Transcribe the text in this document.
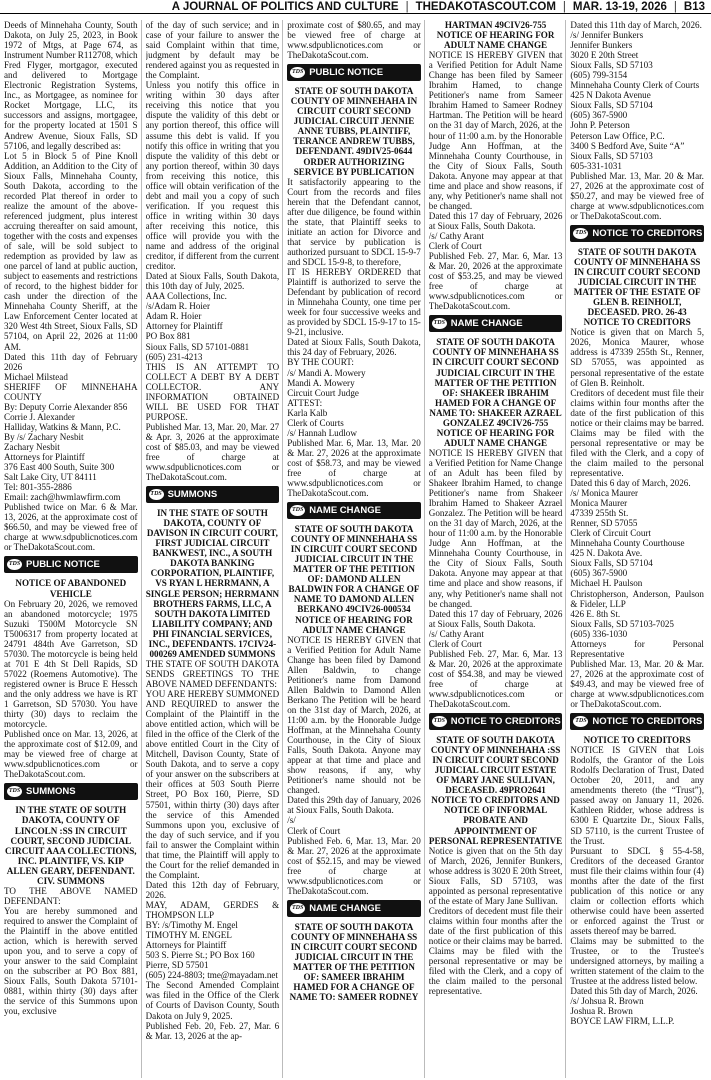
A JOURNAL OF POLITICS AND CULTURE | THEDAKOTASCOUT.COM | MAR. 13-19, 2026 | B13

Deeds of Minnehaha County, South Dakota, on July 25, 2023, in Book 1972 of Mtgs, at Page 674, as Instrument Number R112708, which Fred Flyger, mortgagor, executed and delivered to Mortgage Electronic Registration Systems, Inc., as Mortgagee, as nominee for Rocket Mortgage, LLC, its successors and assigns, mortgagee, for the property located at 1501 S Andrew Avenue, Sioux Falls, SD 57106, and legally described as:

Lot 5 in Block 5 of Pine Knoll Addition, an Addition to the City of Sioux Falls, Minnehaha County, South Dakota, according to the recorded Plat thereof in order to realize the amount of the above-referenced judgment, plus interest accruing thereafter on said amount, together with the costs and expenses of sale, will be sold subject to redemption as provided by law as one parcel of land at public auction, subject to easements and restrictions of record, to the highest bidder for cash under the direction of the Minnehaha County Sheriff, at the Law Enforcement Center located at 320 West 4th Street, Sioux Falls, SD 57104, on April 22, 2026 at 11:00 AM.

Dated this 11th day of February 2026

Michael Milstead

SHERIFF OF MINNEHAHA COUNTY

By: Deputy Corrie Alexander 856

Corrie J. Alexander

Halliday, Watkins & Mann, P.C.

By /s/ Zachary Nesbit

Zachary Nesbit

Attorneys for Plaintiff

376 East 400 South, Suite 300

Salt Lake City, UT 84111

Tel: 801-355-2886

Email: zach@hwmlawfirm.com

Published twice on Mar. 6 & Mar. 13, 2026, at the approximate cost of $66.50, and may be viewed free of charge at www.sdpublicnotices.com or TheDakotaScout.com.

TDS PUBLIC NOTICE

NOTICE OF ABANDONED VEHICLE

On February 20, 2026, we removed an abandoned motorcycle; 1975 Suzuki T500M Motorcycle SN T5006317 from property located at 24791 484th Ave Garretson, SD 57030. The motorcycle is being held at 701 E 4th St Dell Rapids, SD 57022 (Roemens Automotive). The registered owner is Bruce E Hessch and the only address we have is RT 1 Garretson, SD 57030. You have thirty (30) days to reclaim the motorcycle.

Published once on Mar. 13, 2026, at the approximate cost of $12.09, and may be viewed free of charge at www.sdpublicnotices.com or TheDakotaScout.com.

TDS SUMMONS

IN THE STATE OF SOUTH DAKOTA, COUNTY OF LINCOLN :SS IN CIRCUIT COURT, SECOND JUDICIAL CIRCUIT AAA COLLECTIONS, INC. PLAINTIFF, VS. KIP ALLEN GEARY, DEFENDANT. CIV. SUMMONS

TO THE ABOVE NAMED DEFENDANT:

You are hereby summoned and required to answer the Complaint of the Plaintiff in the above entitled action, which is herewith served upon you, and to serve a copy of your answer to the said Complaint on the subscriber at PO Box 881, Sioux Falls, South Dakota 57101-0881, within thirty (30) days after the service of this Summons upon you, exclusive

of the day of such service; and in case of your failure to answer the said Complaint within that time, judgment by default may be rendered against you as requested in the Complaint.

Unless you notify this office in writing within 30 days after receiving this notice that you dispute the validity of this debt or any portion thereof, this office will assume this debt is valid. If you notify this office in writing that you dispute the validity of this debt or any portion thereof, within 30 days from receiving this notice, this office will obtain verification of the debt and mail you a copy of such verification. If you request this office in writing within 30 days after receiving this notice, this office will provide you with the name and address of the original creditor, if different from the current creditor.

Dated at Sioux Falls, South Dakota, this 10th day of July, 2025.

AAA Collections, Inc.

/s/Adam R. Hoier

Adam R. Hoier

Attorney for Plaintiff

PO Box 881

Sioux Falls, SD 57101-0881

(605) 231-4213

THIS IS AN ATTEMPT TO COLLECT A DEBT BY A DEBT COLLECTOR. ANY INFORMATION OBTAINED WILL BE USED FOR THAT PURPOSE.

Published Mar. 13, Mar. 20, Mar. 27 & Apr. 3, 2026 at the approximate cost of $85.03, and may be viewed free of charge at www.sdpublicnotices.com or TheDakotaScout.com.

TDS SUMMONS

IN THE STATE OF SOUTH DAKOTA, COUNTY OF DAVISON IN CIRCUIT COURT, FIRST JUDICIAL CIRCUIT BANKWEST, INC., A SOUTH DAKOTA BANKING CORPORATION, PLAINTIFF, VS RYAN L HERRMANN, A SINGLE PERSON; HERRMANN BROTHERS FARMS, LLC, A SOUTH DAKOTA LIMITED LIABILITY COMPANY; AND PHI FINANCIAL SERVICES, INC., DEFENDANTS. 17CIV24-000269 AMENDED SUMMONS

THE STATE OF SOUTH DAKOTA SENDS GREETINGS TO THE ABOVE NAMED DEFENDANTS:

YOU ARE HEREBY SUMMONED AND REQUIRED to answer the Complaint of the Plaintiff in the above entitled action, which will be filed in the office of the Clerk of the above entitled Court in the City of Mitchell, Davison County, State of South Dakota, and to serve a copy of your answer on the subscribers at their offices at 503 South Pierre Street, PO Box 160, Pierre, SD 57501, within thirty (30) days after the service of this Amended Summons upon you, exclusive of the day of such service, and if you fail to answer the Complaint within that time, the Plaintiff will apply to the Court for the relief demanded in the Complaint.

Dated this 12th day of February, 2026.

MAY, ADAM, GERDES & THOMPSON LLP

BY: /s/Timothy M. Engel

TIMOTHY M. ENGEL

Attorneys for Plaintiff

503 S. Pierre St.; PO Box 160

Pierre, SD 57501

(605) 224-8803; tme@mayadam.net

The Second Amended Complaint was filed in the Office of the Clerk of Courts of Davison County, South Dakota on July 9, 2025.

Published Feb. 20, Feb. 27, Mar. 6 & Mar. 13, 2026 at the ap-

proximate cost of $80.65, and may be viewed free of charge at www.sdpublicnotices.com or TheDakotaScout.com.

TDS PUBLIC NOTICE

STATE OF SOUTH DAKOTA COUNTY OF MINNEHAHA IN CIRCUIT COURT SECOND JUDICIAL CIRCUIT JENNIE ANNE TUBBS, PLAINTIFF, TERANCE ANDREW TUBBS, DEFENDANT. 49DIV25-0644 ORDER AUTHORIZING SERVICE BY PUBLICATION

It satisfactorily appearing to the Court from the records and files herein that the Defendant cannot, after due diligence, be found within the state, that Plaintiff seeks to initiate an action for Divorce and that service by publication is authorized pursuant to SDCL 15-9-7 and SDCL 15-9-8, to therefore,

IT IS HEREBY ORDERED that Plaintiff is authorized to serve the Defendant by publication of record in Minnehaha County, one time per week for four successive weeks and as provided by SDCL 15-9-17 to 15-9-21, inclusive.

Dated at Sioux Falls, South Dakota, this 24 day of February, 2026.

BY THE COURT:

/s/ Mandi A. Mowery

Mandi A. Mowery

Circuit Court Judge

ATTEST:

Karla Kalb

Clerk of Courts

/s/ Hannah Ludlow

Published Mar. 6, Mar. 13, Mar. 20 & Mar. 27, 2026 at the approximate cost of $58.73, and may be viewed free of charge at www.sdpublicnotices.com or TheDakotaScout.com.

TDS NAME CHANGE

STATE OF SOUTH DAKOTA COUNTY OF MINNEHAHA SS IN CIRCUIT COURT SECOND JUDICIAL CIRCUIT IN THE MATTER OF THE PETITION OF: DAMOND ALLEN BALDWIN FOR A CHANGE OF NAME TO DAMOND ALLEN BERKANO 49CIV26-000534 NOTICE OF HEARING FOR ADULT NAME CHANGE

NOTICE IS HEREBY GIVEN that a Verified Petition for Adult Name Change has been filed by Damond Allen Baldwin, to change Petitioner's name from Damond Allen Baldwin to Damond Allen Berkano The Petition will be heard on the 31st day of March, 2026, at 11:00 a.m. by the Honorable Judge Hoffman, at the Minnehaha County Courthouse, in the City of Sioux Falls, South Dakota. Anyone may appear at that time and place and show reasons, if any, why Petitioner's name should not be changed.

Dated this 29th day of January, 2026 at Sioux Falls, South Dakota.

/s/

Clerk of Court

Published Feb. 6, Mar. 13, Mar. 20 & Mar. 27, 2026 at the approximate cost of $52.15, and may be viewed free of charge at www.sdpublicnotices.com or TheDakotaScout.com.

TDS NAME CHANGE

STATE OF SOUTH DAKOTA COUNTY OF MINNEHAHA SS IN CIRCUIT COURT SECOND JUDICIAL CIRCUIT IN THE MATTER OF THE PETITION OF: SAMEER IBRAHIM HAMED FOR A CHANGE OF NAME TO: SAMEER RODNEY

HARTMAN 49CIV26-755 NOTICE OF HEARING FOR ADULT NAME CHANGE

NOTICE IS HEREBY GIVEN that a Verified Petition for Adult Name Change has been filed by Sameer Ibrahim Hamed, to change Petitioner's name from Sameer Ibrahim Hamed to Sameer Rodney Hartman. The Petition will be heard on the 31 day of March, 2026, at the hour of 11:00 a.m. by the Honorable Judge Ann Hoffman, at the Minnehaha County Courthouse, in the City of Sioux Falls, South Dakota. Anyone may appear at that time and place and show reasons, if any, why Petitioner's name shall not be changed.

Dated this 17 day of February, 2026 at Sioux Falls, South Dakota.

/s/ Cathy Arant

Clerk of Court

Published Feb. 27, Mar. 6, Mar. 13 & Mar. 20, 2026 at the approximate cost of $53.25, and may be viewed free of charge at www.sdpublicnotices.com or TheDakotaScout.com.

TDS NAME CHANGE

STATE OF SOUTH DAKOTA COUNTY OF MINNEHAHA SS IN CIRCUIT COURT SECOND JUDICIAL CIRCUIT IN THE MATTER OF THE PETITION OF: SHAKEER IBRAHIM HAMED FOR A CHANGE OF NAME TO: SHAKEER AZRAEL GONZALEZ 49CIV26-755 NOTICE OF HEARING FOR ADULT NAME CHANGE

NOTICE IS HEREBY GIVEN that a Verified Petition for Name Change of an Adult has been filed by Shakeer Ibrahim Hamed, to change Petitioner's name from Shakeer Ibrahim Hamed to Shakeer Azrael Gonzalez. The Petition will be heard on the 31 day of March, 2026, at the hour of 11:00 a.m. by the Honorable Judge Ann Hoffman, at the Minnehaha County Courthouse, in the City of Sioux Falls, South Dakota. Anyone may appear at that time and place and show reasons, if any, why Petitioner's name shall not be changed.

Dated this 17 day of February, 2026 at Sioux Falls, South Dakota.

/s/ Cathy Arant

Clerk of Court

Published Feb. 27, Mar. 6, Mar. 13 & Mar. 20, 2026 at the approximate cost of $54.38, and may be viewed free of charge at www.sdpublicnotices.com or TheDakotaScout.com.

TDS NOTICE TO CREDITORS

STATE OF SOUTH DAKOTA COUNTY OF MINNEHAHA :SS IN CIRCUIT COURT SECOND JUDICIAL CIRCUIT ESTATE OF MARY JANE SULLIVAN, DECEASED. 49PRO2641 NOTICE TO CREDITORS AND NOTICE OF INFORMAL PROBATE AND APPOINTMENT OF PERSONAL REPRESENTATIVE

Notice is given that on the 5th day of March, 2026, Jennifer Bunkers, whose address is 3020 E 20th Street, Sioux Falls, SD 57103, was appointed as personal representative of the estate of Mary Jane Sullivan.

Creditors of decedent must file their claims within four months after the date of the first publication of this notice or their claims may be barred.

Claims may be filed with the personal representative or may be filed with the Clerk, and a copy of the claim mailed to the personal representative.

Dated this 11th day of March, 2026.

/s/ Jennifer Bunkers

Jennifer Bunkers

3020 E 20th Street

Sioux Falls, SD 57103

(605) 799-3154

Minnehaha County Clerk of Courts

425 N Dakota Avenue

Sioux Falls, SD 57104

(605) 367-5900

John P. Peterson

Peterson Law Office, P.C.

3400 S Bedford Ave, Suite “A”

Sioux Falls, SD 57103

605-331-1031

Published Mar. 13, Mar. 20 & Mar. 27, 2026 at the approximate cost of $50.27, and may be viewed free of charge at www.sdpublicnotices.com or TheDakotaScout.com.

TDS NOTICE TO CREDITORS

STATE OF SOUTH DAKOTA COUNTY OF MINNEHAHA SS IN CIRCUIT COURT SECOND JUDICIAL CIRCUIT IN THE MATTER OF THE ESTATE OF GLEN B. REINHOLT, DECEASED. PRO. 26-43 NOTICE TO CREDITORS

Notice is given that on March 5, 2026, Monica Maurer, whose address is 47339 255th St., Renner, SD 57055, was appointed as personal representative of the estate of Glen B. Reinholt.

Creditors of decedent must file their claims within four months after the date of the first publication of this notice or their claims may be barred.

Claims may be filed with the personal representative or may be filed with the Clerk, and a copy of the claim mailed to the personal representative.

Dated this 6 day of March, 2026.

/s/ Monica Maurer

Monica Maurer

47339 255th St.

Renner, SD 57055

Clerk of Circuit Court

Minnehaha County Courthouse

425 N. Dakota Ave.

Sioux Falls, SD 57104

(605) 367-5900

Michael H. Paulson

Christopherson, Anderson, Paulson & Fideler, LLP

426 E. 8th St.

Sioux Falls, SD 57103-7025

(605) 336-1030

Attorneys for Personal Representative

Published Mar. 13, Mar. 20 & Mar. 27, 2026 at the approximate cost of $49.43, and may be viewed free of charge at www.sdpublicnotices.com or TheDakotaScout.com.

TDS NOTICE TO CREDITORS

NOTICE TO CREDITORS

NOTICE IS GIVEN that Lois Rodolfs, the Grantor of the Lois Rodolfs Declaration of Trust, Dated October 20, 2011, and any amendments thereto (the “Trust”), passed away on January 11, 2026. Kathleen Ridder, whose address is 6300 E Quartzite Dr., Sioux Falls, SD 57110, is the current Trustee of the Trust.

Pursuant to SDCL § 55-4-58, Creditors of the deceased Grantor must file their claims within four (4) months after the date of the first publication of this notice or any claim or collection efforts which otherwise could have been asserted or enforced against the Trust or assets thereof may be barred.

Claims may be submitted to the Trustee, or to the Trustee's undersigned attorneys, by mailing a written statement of the claim to the Trustee at the address listed below.

Dated this 5th day of March, 2026.

/s/ Johsua R. Brown

Joshua R. Brown

BOYCE LAW FIRM, L.L.P.
